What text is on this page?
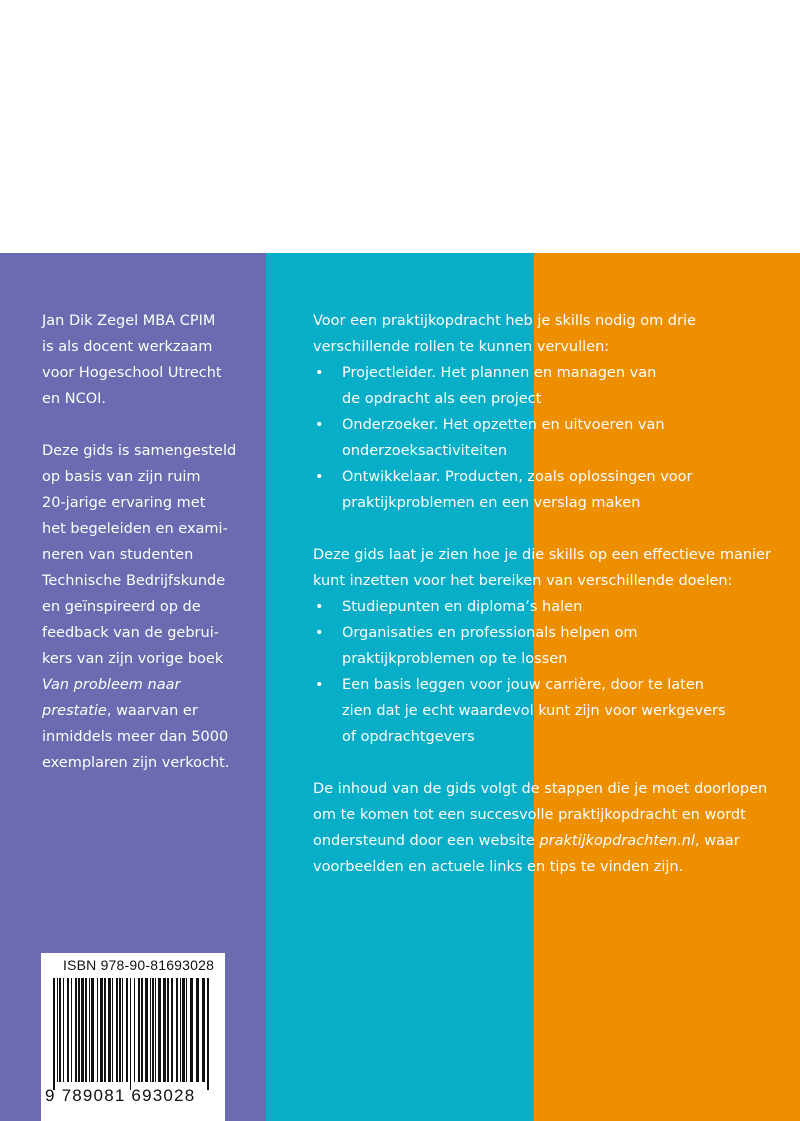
Jan Dik Zegel MBA CPIM
is als docent werkzaam
voor Hogeschool Utrecht
en NCOI.

Deze gids is samengesteld
op basis van zijn ruim
20-jarige ervaring met
het begeleiden en exami-
neren van studenten
Technische Bedrijfskunde
en geïnspireerd op de
feedback van de gebrui-
kers van zijn vorige boek
Van probleem naar
prestatie, waarvan er
inmiddels meer dan 5000
exemplaren zijn verkocht.

Voor een praktijkopdracht heb je skills nodig om drie
verschillende rollen te kunnen vervullen:

• Projectleider. Het plannen en managen van
de opdracht als een project
• Onderzoeker. Het opzetten en uitvoeren van
onderzoeksactiviteiten
• Ontwikkelaar. Producten, zoals oplossingen voor
praktijkproblemen en een verslag maken

Deze gids laat je zien hoe je die skills op een effectieve manier
kunt inzetten voor het bereiken van verschillende doelen:

• Studiepunten en diploma’s halen
• Organisaties en professionals helpen om
praktijkproblemen op te lossen
• Een basis leggen voor jouw carrière, door te laten
zien dat je echt waardevol kunt zijn voor werkgevers
of opdrachtgevers

De inhoud van de gids volgt de stappen die je moet doorlopen
om te komen tot een succesvolle praktijkopdracht en wordt
ondersteund door een website praktijkopdrachten.nl, waar
voorbeelden en actuele links en tips te vinden zijn.

ISBN 978-90-81693028
9 789081 693028
